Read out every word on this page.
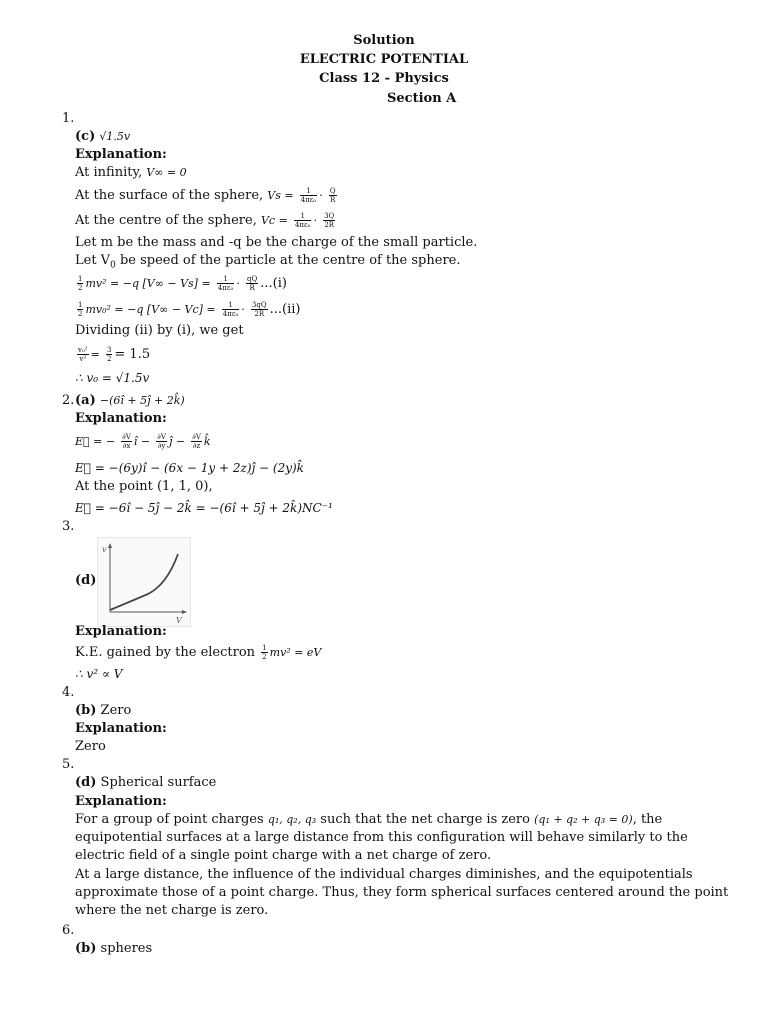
Solution
ELECTRIC POTENTIAL
Class 12 - Physics
Section A
1.
(c) √1.5v
Explanation:
At infinity, V∞ = 0
At the surface of the sphere, $Vs = \frac{1}{\text{4πε₀}} \cdot \frac{Q}{R}$
At the centre of the sphere, $Vc = \frac{1}{\text{4πε₀}} \cdot \frac{3Q}{2R}$
Let m be the mass and -q be the charge of the small particle.
Let $V_0$ be speed of the particle at the centre of the sphere.
$\frac{1}{2} mv^2 = -q$ $[V\infty - Vs] = \frac{1}{\text{4πε₀}} \cdot \frac{qQ}{R} ...(i)$
$\frac{1}{2} mv_0^2 = -q$ $[V\infty - Vc] = \frac{1}{\text{4πε₀}} \cdot \frac{3qQ}{2R} ...(ii)$
Dividing (ii) by (i), we get
$\frac{\text{v₀²}}{\text{v²}} = \frac{3}{2} = 1.5$
∴ v₀ = √1.5v
2. (a) −(6î + 5ĵ + 2k̂)
Explanation:
E⃗ = − $\frac{\partial V}{\partial x}$ î − $\frac{\partial V}{\partial y}$ ĵ − $\frac{\partial V}{\partial z}$ k̂
E⃗ = −(6y)î − (6x − 1y + 2z)ĵ − (2y)k̂
At the point (1, 1, 0),
E⃗ = −6î − 5ĵ − 2k̂ = −(6î + 5ĵ + 2k̂)NC⁻¹
3.
(d)
v
V
Explanation:
K.E. gained by the electron $\frac{1}{2} mv^2$ = eV
∴ v² ∝ V
4.
(b) Zero
Explanation:
Zero
5.
(d) Spherical surface
Explanation:
For a group of point charges q₁, q₂, q₃ such that the net charge is zero (q₁ + q₂ + q₃ = 0), the equipotential surfaces at a large distance from this configuration will behave similarly to the electric field of a single point charge with a net charge of zero.
At a large distance, the influence of the individual charges diminishes, and the equipotentials approximate those of a point charge. Thus, they form spherical surfaces centered around the point where the net charge is zero.
6.
(b) spheres
